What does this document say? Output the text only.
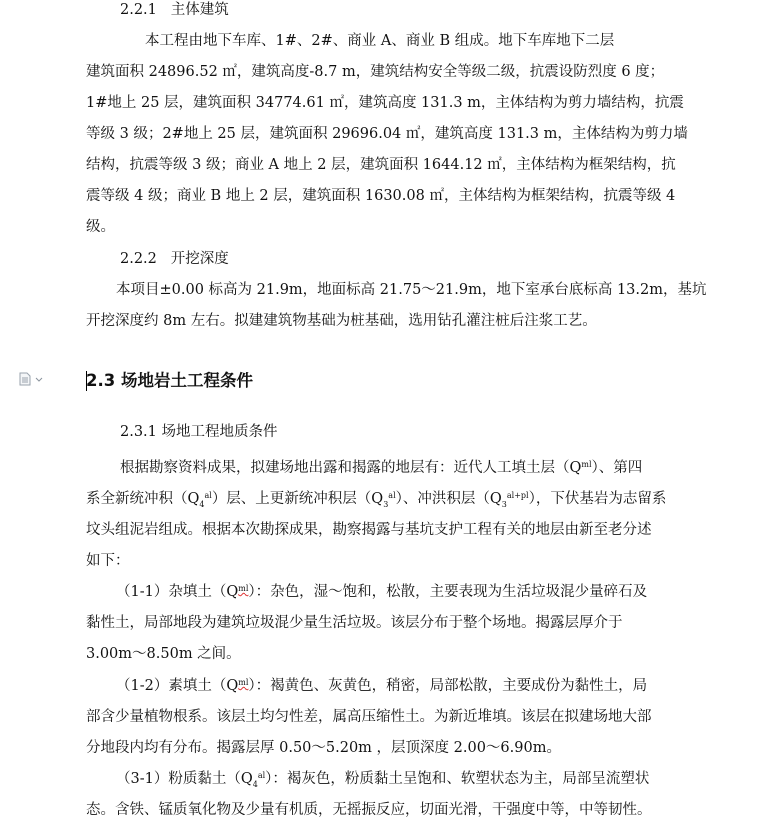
2.2.1 主体建筑
本工程由地下车库、1#、2#、商业 A、商业 B 组成。地下车库地下二层
建筑面积 24896.52 ㎡，建筑高度-8.7 m，建筑结构安全等级二级，抗震设防烈度 6 度；
1#地上 25 层，建筑面积 34774.61 ㎡，建筑高度 131.3 m，主体结构为剪力墙结构，抗震
等级 3 级；2#地上 25 层，建筑面积 29696.04 ㎡，建筑高度 131.3 m，主体结构为剪力墙
结构，抗震等级 3 级；商业 A 地上 2 层，建筑面积 1644.12 ㎡，主体结构为框架结构，抗
震等级 4 级；商业 B 地上 2 层，建筑面积 1630.08 ㎡，主体结构为框架结构，抗震等级 4
级。
2.2.2 开挖深度
本项目±0.00 标高为 21.9m，地面标高 21.75～21.9m，地下室承台底标高 13.2m，基坑
开挖深度约 8m 左右。拟建建筑物基础为桩基础，选用钻孔灌注桩后注浆工艺。
2.3 场地岩土工程条件
2.3.1 场地工程地质条件
根据勘察资料成果，拟建场地出露和揭露的地层有：近代人工填土层$(Q^{ml})$、第四
系全新统冲积$(Q_4^{al})$层、上更新统冲积层$(Q_3^{al})$、冲洪积层$(Q_3^{al+pl})$，下伏基岩为志留系
坟头组泥岩组成。根据本次勘探成果，勘察揭露与基坑支护工程有关的地层由新至老分述
如下：
（1-1）杂填土$(Q^{ml})$：杂色，湿～饱和，松散，主要表现为生活垃圾混少量碎石及
黏性土，局部地段为建筑垃圾混少量生活垃圾。该层分布于整个场地。揭露层厚介于
3.00m～8.50m 之间。
（1-2）素填土$(Q^{ml})$：褐黄色、灰黄色，稍密，局部松散，主要成份为黏性土，局
部含少量植物根系。该层土均匀性差，属高压缩性土。为新近堆填。该层在拟建场地大部
分地段内均有分布。揭露层厚 0.50～5.20m ，层顶深度 2.00～6.90m。
（3-1）粉质黏土$(Q_4^{al})$：褐灰色，粉质黏土呈饱和、软塑状态为主，局部呈流塑状
态。含铁、锰质氧化物及少量有机质，无摇振反应，切面光滑，干强度中等，中等韧性。
